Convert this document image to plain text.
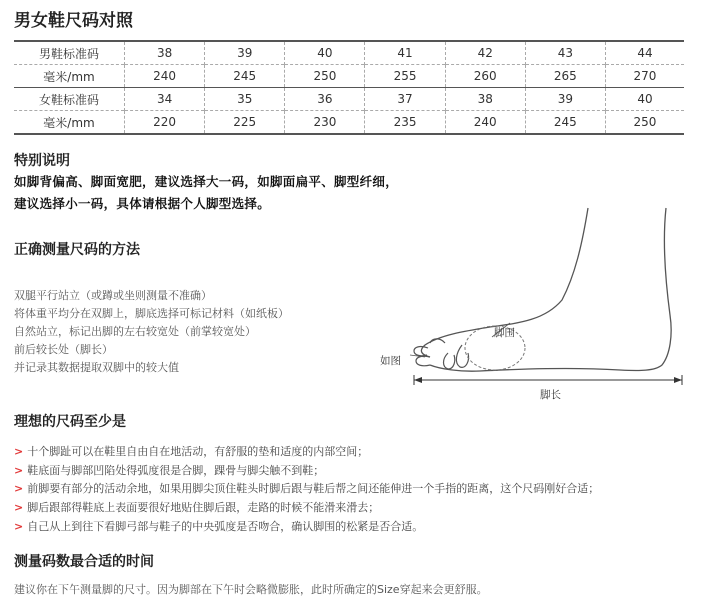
男女鞋尺码对照
男鞋标准码	38	39	40	41	42	43	44
毫米/mm	240	245	250	255	260	265	270
女鞋标准码	34	35	36	37	38	39	40
毫米/mm	220	225	230	235	240	245	250
特别说明
如脚背偏高、脚面宽肥，建议选择大一码，如脚面扁平、脚型纤细，
建议选择小一码，具体请根据个人脚型选择。
正确测量尺码的方法
双腿平行站立（或蹲或坐则测量不准确）
将体重平均分在双脚上，脚底选择可标记材料（如纸板）
自然站立，标记出脚的左右较宽处（前掌较宽处）
前后较长处（脚长）
并记录其数据提取双脚中的较大值
脚围
如图
脚长
理想的尺码至少是
> 十个脚趾可以在鞋里自由自在地活动，有舒服的垫和适度的内部空间；
> 鞋底面与脚部凹陷处得弧度很是合脚，踝骨与脚尖触不到鞋；
> 前脚要有部分的活动余地，如果用脚尖顶住鞋头时脚后跟与鞋后帮之间还能伸进一个手指的距离，这个尺码刚好合适；
> 脚后跟部得鞋底上表面要很好地贴住脚后跟，走路的时候不能滑来滑去；
> 自己从上到往下看脚弓部与鞋子的中央弧度是否吻合，确认脚围的松紧是否合适。
测量码数最合适的时间
建议你在下午测量脚的尺寸。因为脚部在下午时会略微膨胀，此时所确定的Size穿起来会更舒服。
